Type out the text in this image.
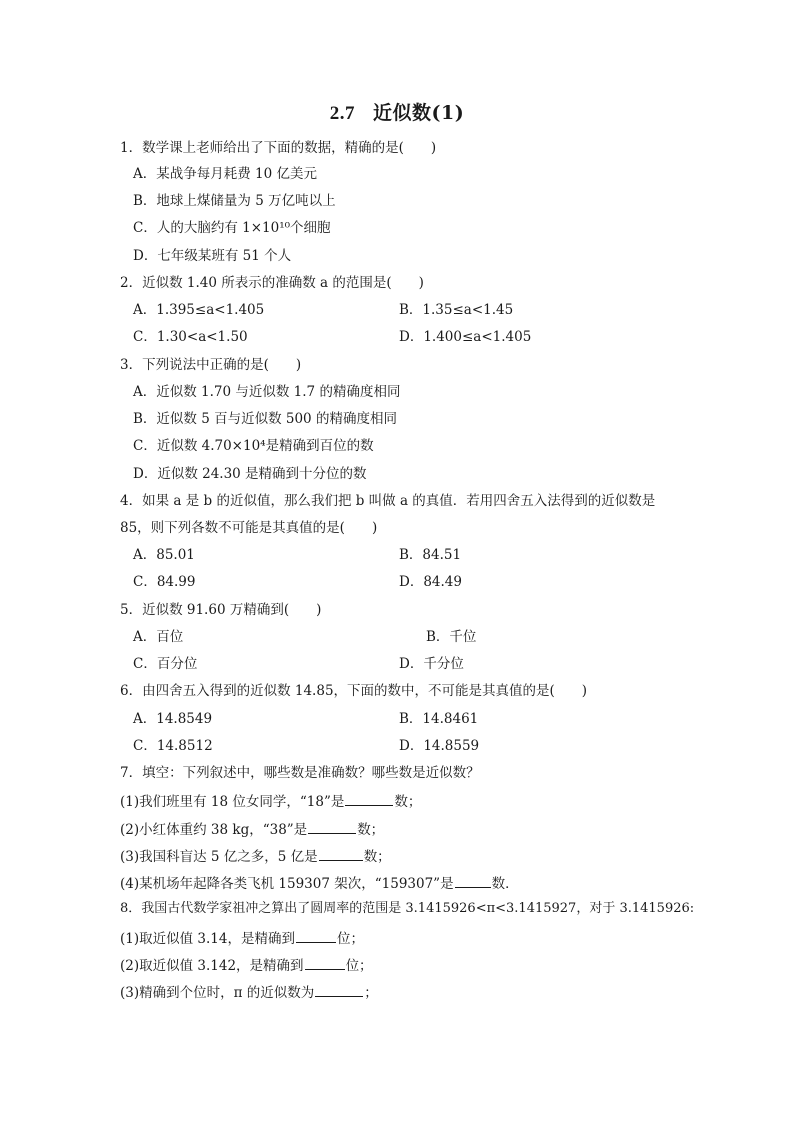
2.7 近似数(1)
1．数学课上老师给出了下面的数据，精确的是(　　)
A．某战争每月耗费 10 亿美元
B．地球上煤储量为 5 万亿吨以上
C．人的大脑约有 1×10¹⁰个细胞
D．七年级某班有 51 个人
2．近似数 1.40 所表示的准确数 a 的范围是(　　)
A．1.395≤a<1.405	B．1.35≤a<1.45
C．1.30<a<1.50	D．1.400≤a<1.405
3．下列说法中正确的是(　　)
A．近似数 1.70 与近似数 1.7 的精确度相同
B．近似数 5 百与近似数 500 的精确度相同
C．近似数 4.70×10⁴是精确到百位的数
D．近似数 24.30 是精确到十分位的数
4．如果 a 是 b 的近似值，那么我们把 b 叫做 a 的真值．若用四舍五入法得到的近似数是
85，则下列各数不可能是其真值的是(　　)
A．85.01	B．84.51
C．84.99	D．84.49
5．近似数 91.60 万精确到(　　)
A．百位	B．千位
C．百分位	D．千分位
6．由四舍五入得到的近似数 14.85，下面的数中，不可能是其真值的是(　　)
A．14.8549	B．14.8461
C．14.8512	D．14.8559
7．填空：下列叙述中，哪些数是准确数？哪些数是近似数？
(1)我们班里有 18 位女同学，“18”是	数；
(2)小红体重约 38 kg，“38”是	数；
(3)我国科盲达 5 亿之多，5 亿是	数；
(4)某机场年起降各类飞机 159307 架次，“159307”是	数．
8．我国古代数学家祖冲之算出了圆周率的范围是 3.1415926<π<3.1415927，对于 3.1415926:
(1)取近似值 3.14，是精确到	位；
(2)取近似值 3.142，是精确到	位；
(3)精确到个位时，π 的近似数为	；
